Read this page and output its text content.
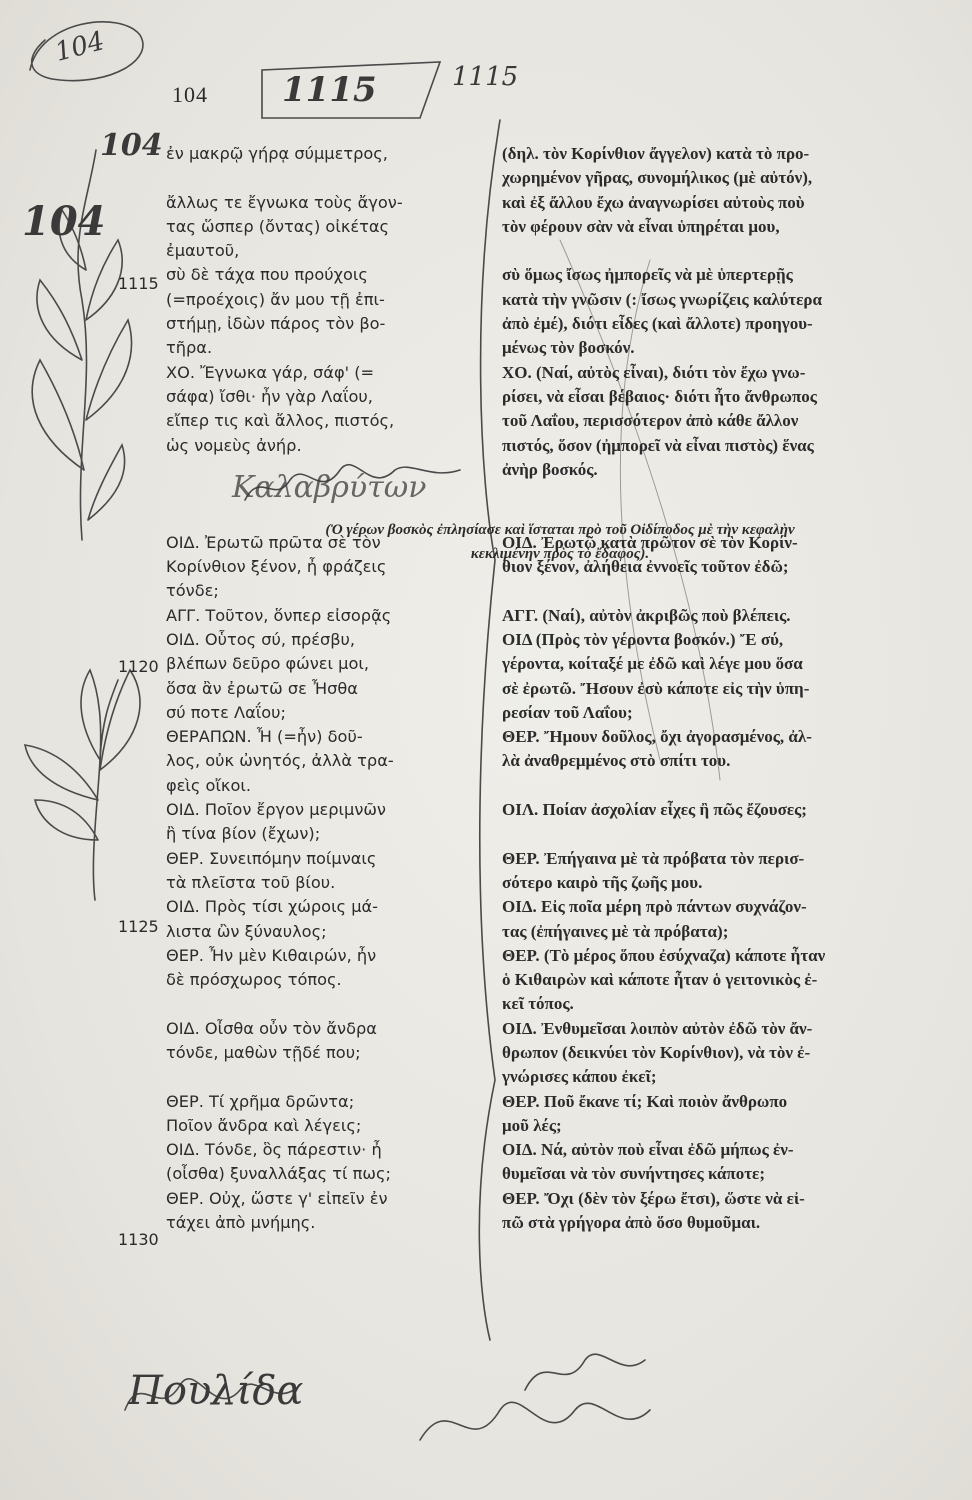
104
1115	1115
104
104
Καλαβρύτων
Πουλίδα
104
1115
1120
1125
1130
ἐν μακρῷ γήρᾳ σύμμετρος,

ἄλλως τε ἔγνωκα τοὺς ἄγον-
τας ὥσπερ (ὄντας) οἰκέτας
ἐμαυτοῦ,
σὺ δὲ τάχα που προύχοις
(=προέχοις) ἄν μου τῇ ἐπι-
στήμῃ, ἰδὼν πάρος τὸν βο-
τῆρα.
ΧΟ. Ἔγνωκα γάρ, σάφ' (=
σάφα) ἴσθι· ἦν γὰρ Λαΐου,
εἴπερ τις καὶ ἄλλος, πιστός,
ὡς νομεὺς ἀνήρ.

ΟΙΔ. Ἐρωτῶ πρῶτα σὲ τὸν
Κορίνθιον ξένον, ἦ φράζεις
τόνδε;
ΑΓΓ. Τοῦτον, ὅνπερ εἰσορᾷς
ΟΙΔ. Οὗτος σύ, πρέσβυ,
βλέπων δεῦρο φώνει μοι,
ὅσα ἂν ἐρωτῶ σε Ἦσθα
σύ ποτε Λαΐου;
ΘΕΡΑΠΩΝ. Ἦ (=ἦν) δοῦ-
λος, οὐκ ὠνητός, ἀλλὰ τρα-
φεὶς οἴκοι.
ΟΙΔ. Ποῖον ἔργον μεριμνῶν
ἢ τίνα βίον (ἔχων);
ΘΕΡ. Συνειπόμην ποίμναις
τὰ πλεῖστα τοῦ βίου.
ΟΙΔ. Πρὸς τίσι χώροις μά-
λιστα ὢν ξύναυλος;
ΘΕΡ. Ἦν μὲν Κιθαιρών, ἦν
δὲ πρόσχωρος τόπος.

ΟΙΔ. Οἶσθα οὖν τὸν ἄνδρα
τόνδε, μαθὼν τῇδέ που;

ΘΕΡ. Τί χρῆμα δρῶντα;
Ποῖον ἄνδρα καὶ λέγεις;
ΟΙΔ. Τόνδε, ὃς πάρεστιν· ἦ
(οἶσθα) ξυναλλάξας τί πως;
ΘΕΡ. Οὐχ, ὥστε γ' εἰπεῖν ἐν
τάχει ἀπὸ μνήμης.
(δηλ. τὸν Κορίνθιον ἄγγελον) κατὰ τὸ προ-
χωρημένον γῆρας, συνομήλικος (μὲ αὐτόν),
καὶ ἐξ ἄλλου ἔχω ἀναγνωρίσει αὐτοὺς ποὺ
τὸν φέρουν σὰν νὰ εἶναι ὑπηρέται μου,

σὺ ὅμως ἴσως ἠμπορεῖς νὰ μὲ ὑπερτερῇς
κατὰ τὴν γνῶσιν (: ἴσως γνωρίζεις καλύτερα
ἀπὸ ἐμέ), διότι εἶδες (καὶ ἄλλοτε) προηγου-
μένως τὸν βοσκόν.
ΧΟ. (Ναί, αὐτὸς εἶναι), διότι τὸν ἔχω γνω-
ρίσει, νὰ εἶσαι βέβαιος· διότι ἦτο ἄνθρωπος
τοῦ Λαΐου, περισσότερον ἀπὸ κάθε ἄλλον
πιστός, ὅσον (ἠμπορεῖ νὰ εἶναι πιστὸς) ἕνας
ἀνὴρ βοσκός.

ΟΙΔ. Ἐρωτῶ κατὰ πρῶτον σὲ τὸν Κορίν-
θιον ξένον, ἀλήθεια ἐννοεῖς τοῦτον ἐδῶ;

ΑΓΓ. (Ναί), αὐτὸν ἀκριβῶς ποὺ βλέπεις.
ΟΙΔ (Πρὸς τὸν γέροντα βοσκόν.) Ἔ σύ,
γέροντα, κοίταξέ με ἐδῶ καὶ λέγε μου ὅσα
σὲ ἐρωτῶ. Ἤσουν ἐσὺ κάποτε εἰς τὴν ὑπη-
ρεσίαν τοῦ Λαΐου;
ΘΕΡ. Ἤμουν δοῦλος, ὄχι ἀγορασμένος, ἀλ-
λὰ ἀναθρεμμένος στὸ σπίτι του.

ΟΙΛ. Ποίαν ἀσχολίαν εἶχες ἢ πῶς ἔζουσες;

ΘΕΡ. Ἐπήγαινα μὲ τὰ πρόβατα τὸν περισ-
σότερο καιρὸ τῆς ζωῆς μου.
ΟΙΔ. Εἰς ποῖα μέρη πρὸ πάντων συχνάζον-
τας (ἐπήγαινες μὲ τὰ πρόβατα);
ΘΕΡ. (Τὸ μέρος ὅπου ἐσύχναζα) κάποτε ἦταν
ὁ Κιθαιρὼν καὶ κάποτε ἦταν ὁ γειτονικὸς ἐ-
κεῖ τόπος.
ΟΙΔ. Ἐνθυμεῖσαι λοιπὸν αὐτὸν ἐδῶ τὸν ἄν-
θρωπον (δεικνύει τὸν Κορίνθιον), νὰ τὸν ἐ-
γνώρισες κάπου ἐκεῖ;
ΘΕΡ. Ποῦ ἔκανε τί; Καὶ ποιὸν ἄνθρωπο
μοῦ λές;
ΟΙΔ. Νά, αὐτὸν ποὺ εἶναι ἐδῶ μήπως ἐν-
θυμεῖσαι νὰ τὸν συνήντησες κάποτε;
ΘΕΡ. Ὄχι (δὲν τὸν ξέρω ἔτσι), ὥστε νὰ εἰ-
πῶ στὰ γρήγορα ἀπὸ ὅσο θυμοῦμαι.
(Ὁ γέρων βοσκὸς ἐπλησίασε καὶ ἵσταται πρὸ τοῦ Οἰδίποδος μὲ τὴν κεφαλὴν
κεκλιμένην πρὸς τὸ ἔδαφος).
